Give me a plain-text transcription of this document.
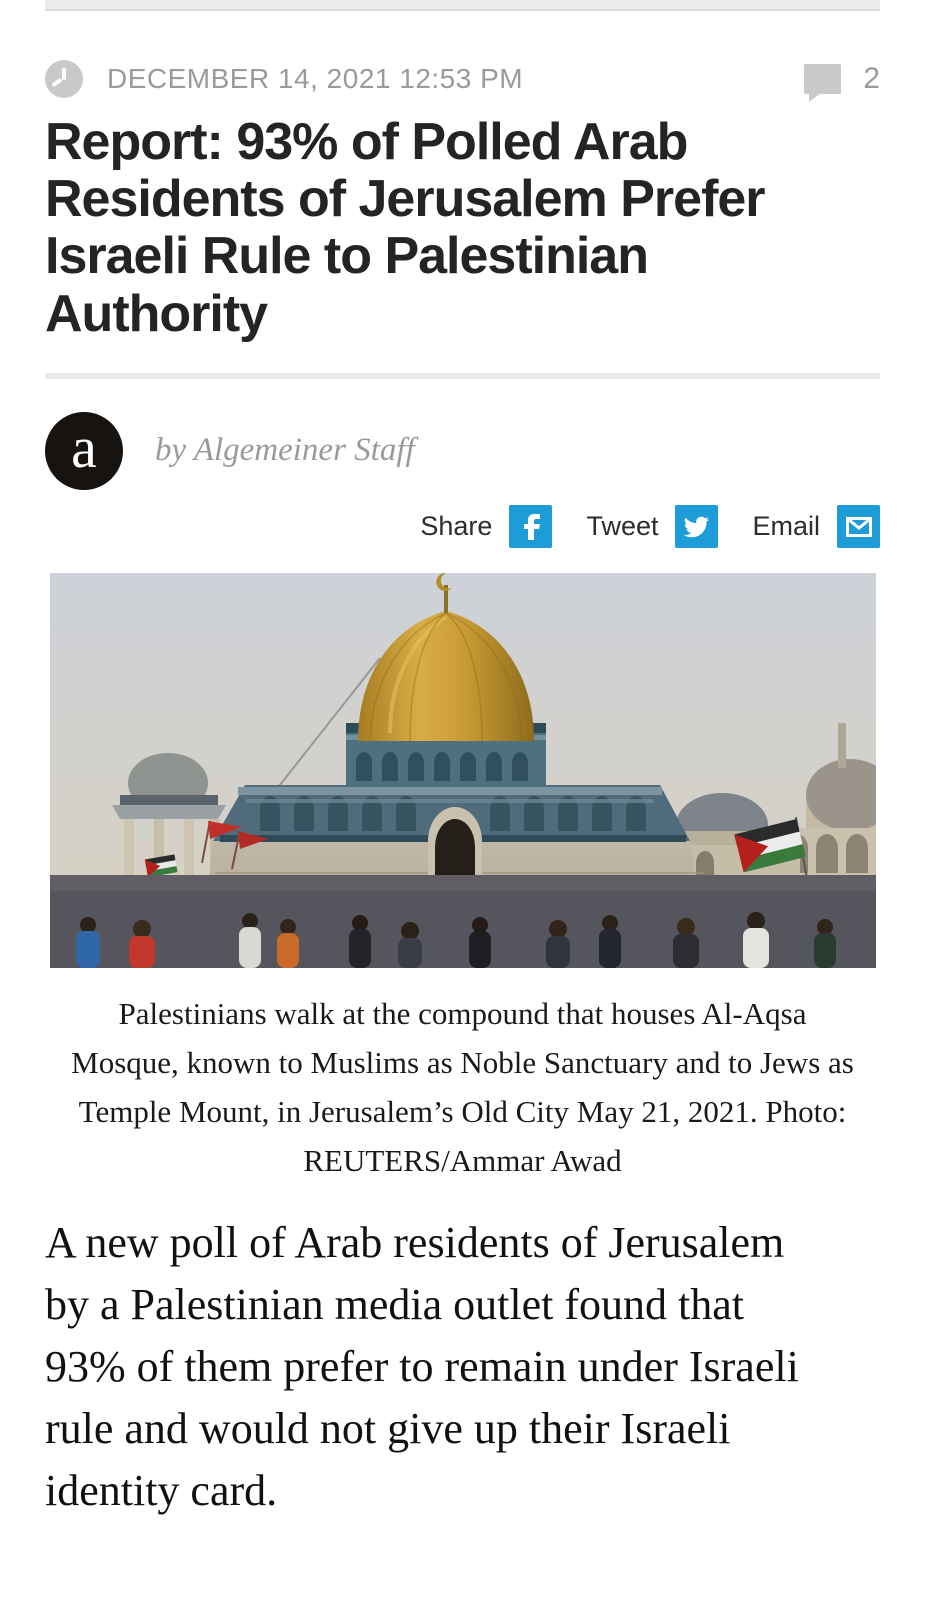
DECEMBER 14, 2021 12:53 PM	2
Report: 93% of Polled Arab Residents of Jerusalem Prefer Israeli Rule to Palestinian Authority
a	by Algemeiner Staff
Share	Tweet	Email
Palestinians walk at the compound that houses Al-Aqsa Mosque, known to Muslims as Noble Sanctuary and to Jews as Temple Mount, in Jerusalem’s Old City May 21, 2021. Photo: REUTERS/Ammar Awad
A new poll of Arab residents of Jerusalem by a Palestinian media outlet found that 93% of them prefer to remain under Israeli rule and would not give up their Israeli identity card.
